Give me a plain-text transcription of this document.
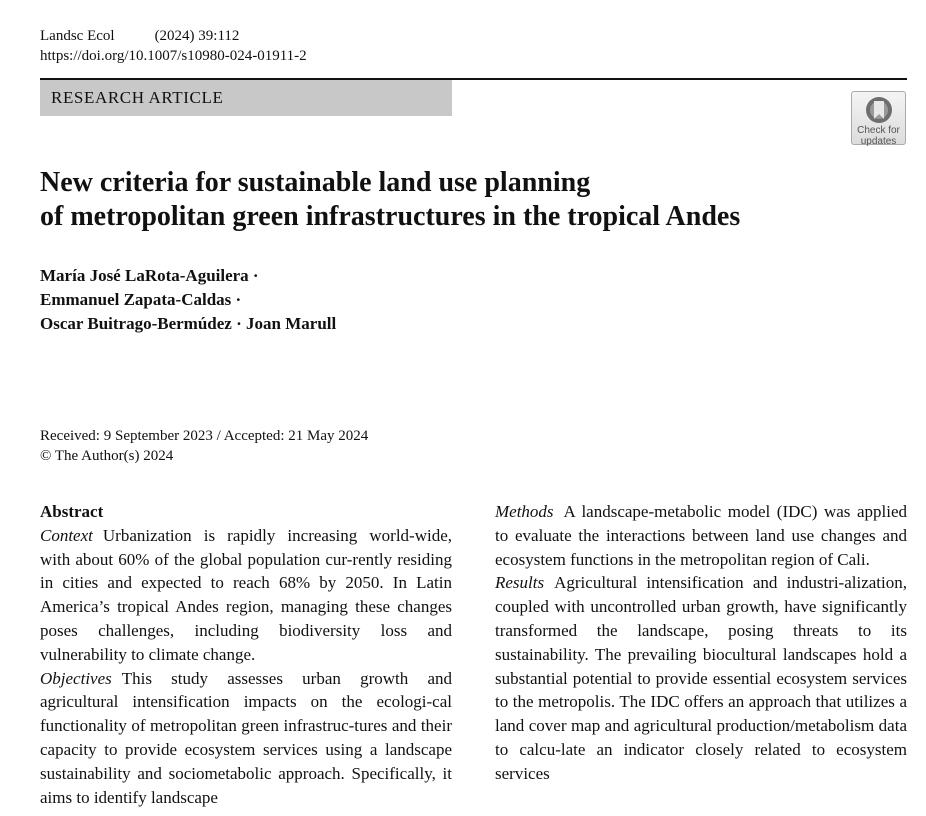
Landsc Ecol	(2024) 39:112
https://doi.org/10.1007/s10980-024-01911-2
RESEARCH ARTICLE
Check for
updates
New criteria for sustainable land use planning
of metropolitan green infrastructures in the tropical Andes
María José LaRota-Aguilera ·
Emmanuel Zapata-Caldas ·
Oscar Buitrago-Bermúdez · Joan Marull
Received: 9 September 2023 / Accepted: 21 May 2024
© The Author(s) 2024
Abstract

Context Urbanization is rapidly increasing world-wide, with about 60% of the global population cur-rently residing in cities and expected to reach 68% by 2050. In Latin America’s tropical Andes region, managing these changes poses challenges, including biodiversity loss and vulnerability to climate change.

Objectives This study assesses urban growth and agricultural intensification impacts on the ecologi-cal functionality of metropolitan green infrastruc-tures and their capacity to provide ecosystem services using a landscape sustainability and sociometabolic approach. Specifically, it aims to identify landscape

Methods A landscape-metabolic model (IDC) was applied to evaluate the interactions between land use changes and ecosystem functions in the metropolitan region of Cali.

Results Agricultural intensification and industri-alization, coupled with uncontrolled urban growth, have significantly transformed the landscape, posing threats to its sustainability. The prevailing biocultural landscapes hold a substantial potential to provide essential ecosystem services to the metropolis. The IDC offers an approach that utilizes a land cover map and agricultural production/metabolism data to calcu-late an indicator closely related to ecosystem services
